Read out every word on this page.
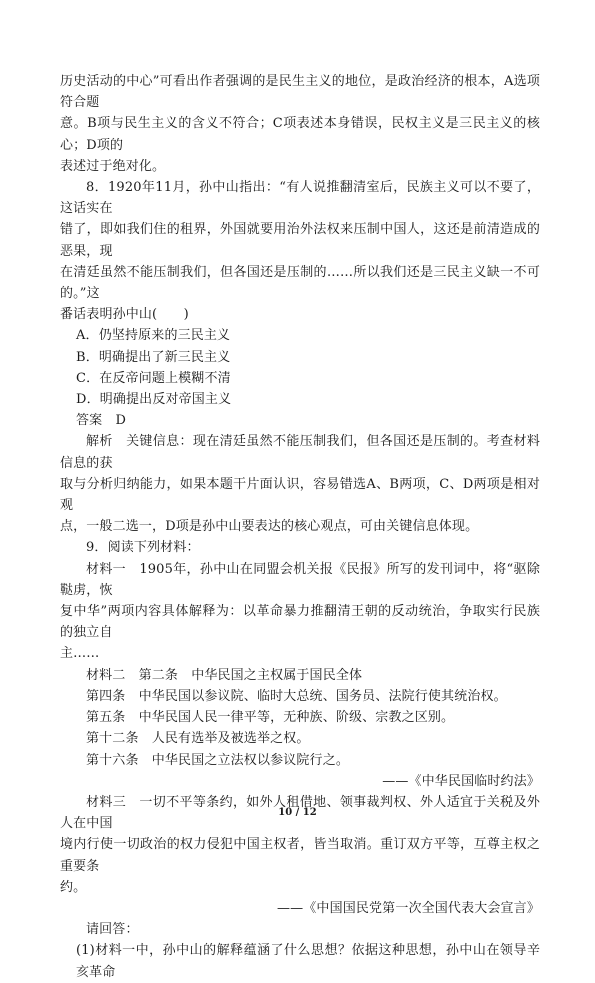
历史活动的中心”可看出作者强调的是民生主义的地位，是政治经济的根本，A选项符合题

意。B项与民生主义的含义不符合；C项表述本身错误，民权主义是三民主义的核心；D项的

表述过于绝对化。

8．1920年11月，孙中山指出：“有人说推翻清室后，民族主义可以不要了，这话实在

错了，即如我们住的租界，外国就要用治外法权来压制中国人，这还是前清造成的恶果，现

在清廷虽然不能压制我们，但各国还是压制的……所以我们还是三民主义缺一不可的。”这

番话表明孙中山(　　)

A．仍坚持原来的三民主义

B．明确提出了新三民主义

C．在反帝问题上模糊不清

D．明确提出反对帝国主义

答案　D

解析　关键信息：现在清廷虽然不能压制我们，但各国还是压制的。考查材料信息的获

取与分析归纳能力，如果本题干片面认识，容易错选A、B两项，C、D两项是相对观

点，一般二选一，D项是孙中山要表达的核心观点，可由关键信息体现。

9．阅读下列材料：

材料一　1905年，孙中山在同盟会机关报《民报》所写的发刊词中，将“驱除鞑虏，恢

复中华”两项内容具体解释为：以革命暴力推翻清王朝的反动统治，争取实行民族的独立自

主……

材料二　第二条　中华民国之主权属于国民全体

第四条　中华民国以参议院、临时大总统、国务员、法院行使其统治权。

第五条　中华民国人民一律平等，无种族、阶级、宗教之区别。

第十二条　人民有选举及被选举之权。

第十六条　中华民国之立法权以参议院行之。

——《中华民国临时约法》

材料三　一切不平等条约，如外人租借地、领事裁判权、外人适宜于关税及外人在中国

境内行使一切政治的权力侵犯中国主权者，皆当取消。重订双方平等，互尊主权之重要条

约。

——《中国国民党第一次全国代表大会宣言》

请回答：

(1)材料一中，孙中山的解释蕴涵了什么思想？依据这种思想，孙中山在领导辛亥革命

10 / 12
